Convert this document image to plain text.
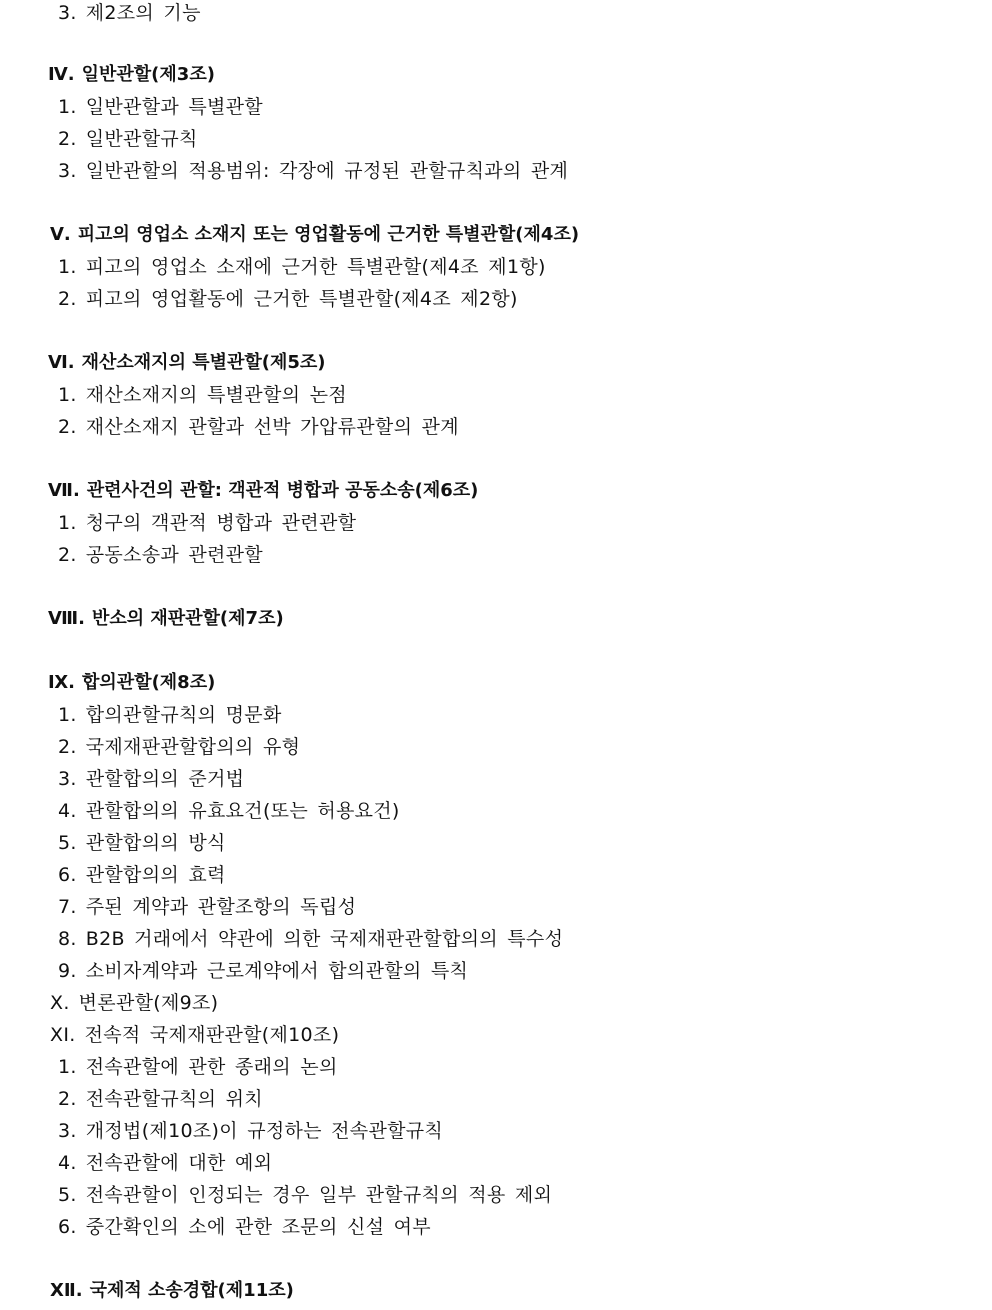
3. 제2조의 기능
Ⅳ. 일반관할(제3조)
1. 일반관할과 특별관할
2. 일반관할규칙
3. 일반관할의 적용범위: 각장에 규정된 관할규칙과의 관계
Ⅴ. 피고의 영업소 소재지 또는 영업활동에 근거한 특별관할(제4조)
1. 피고의 영업소 소재에 근거한 특별관할(제4조 제1항)
2. 피고의 영업활동에 근거한 특별관할(제4조 제2항)
Ⅵ. 재산소재지의 특별관할(제5조)
1. 재산소재지의 특별관할의 논점
2. 재산소재지 관할과 선박 가압류관할의 관계
Ⅶ. 관련사건의 관할: 객관적 병합과 공동소송(제6조)
1. 청구의 객관적 병합과 관련관할
2. 공동소송과 관련관할
Ⅷ. 반소의 재판관할(제7조)
Ⅸ. 합의관할(제8조)
1. 합의관할규칙의 명문화
2. 국제재판관할합의의 유형
3. 관할합의의 준거법
4. 관할합의의 유효요건(또는 허용요건)
5. 관할합의의 방식
6. 관할합의의 효력
7. 주된 계약과 관할조항의 독립성
8. B2B 거래에서 약관에 의한 국제재판관할합의의 특수성
9. 소비자계약과 근로계약에서 합의관할의 특칙
Ⅹ. 변론관할(제9조)
ⅩⅠ. 전속적 국제재판관할(제10조)
1. 전속관할에 관한 종래의 논의
2. 전속관할규칙의 위치
3. 개정법(제10조)이 규정하는 전속관할규칙
4. 전속관할에 대한 예외
5. 전속관할이 인정되는 경우 일부 관할규칙의 적용 제외
6. 중간확인의 소에 관한 조문의 신설 여부
ⅩⅡ. 국제적 소송경합(제11조)
